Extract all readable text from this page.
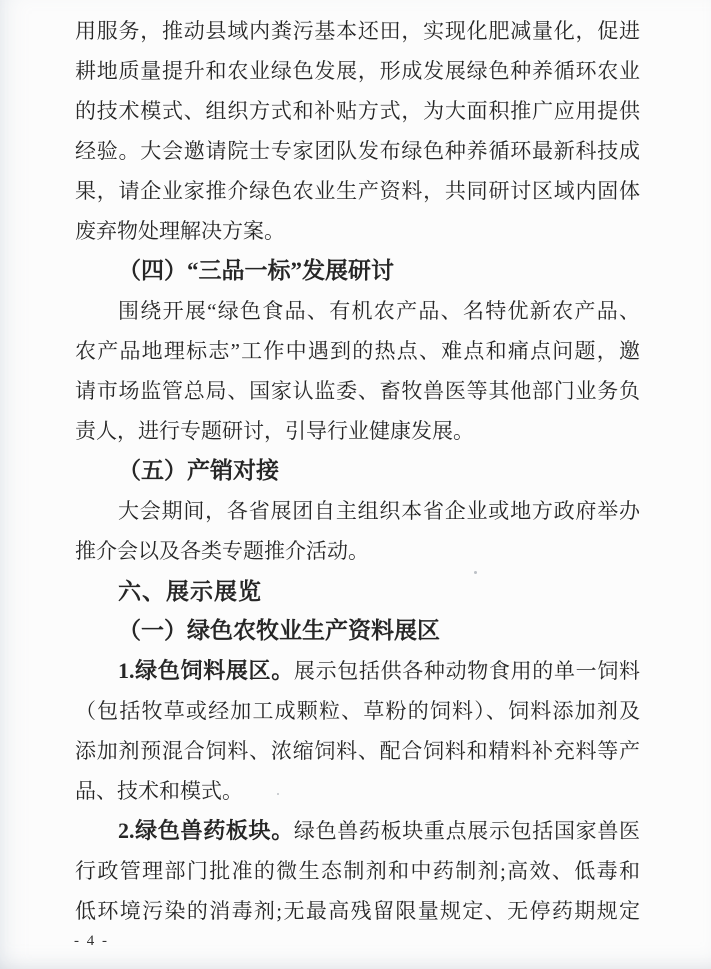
用服务，推动县域内粪污基本还田，实现化肥减量化，促进
耕地质量提升和农业绿色发展，形成发展绿色种养循环农业
的技术模式、组织方式和补贴方式，为大面积推广应用提供
经验。大会邀请院士专家团队发布绿色种养循环最新科技成
果，请企业家推介绿色农业生产资料，共同研讨区域内固体
废弃物处理解决方案。
（四）“三品一标”发展研讨
围绕开展“绿色食品、有机农产品、名特优新农产品、
农产品地理标志”工作中遇到的热点、难点和痛点问题，邀
请市场监管总局、国家认监委、畜牧兽医等其他部门业务负
责人，进行专题研讨，引导行业健康发展。
（五）产销对接
大会期间，各省展团自主组织本省企业或地方政府举办
推介会以及各类专题推介活动。
六、展示展览
（一）绿色农牧业生产资料展区
1.绿色饲料展区。展示包括供各种动物食用的单一饲料
（包括牧草或经加工成颗粒、草粉的饲料）、饲料添加剂及
添加剂预混合饲料、浓缩饲料、配合饲料和精料补充料等产
品、技术和模式。
2.绿色兽药板块。绿色兽药板块重点展示包括国家兽医
行政管理部门批准的微生态制剂和中药制剂;高效、低毒和
低环境污染的消毒剂;无最高残留限量规定、无停药期规定
- 4 -
